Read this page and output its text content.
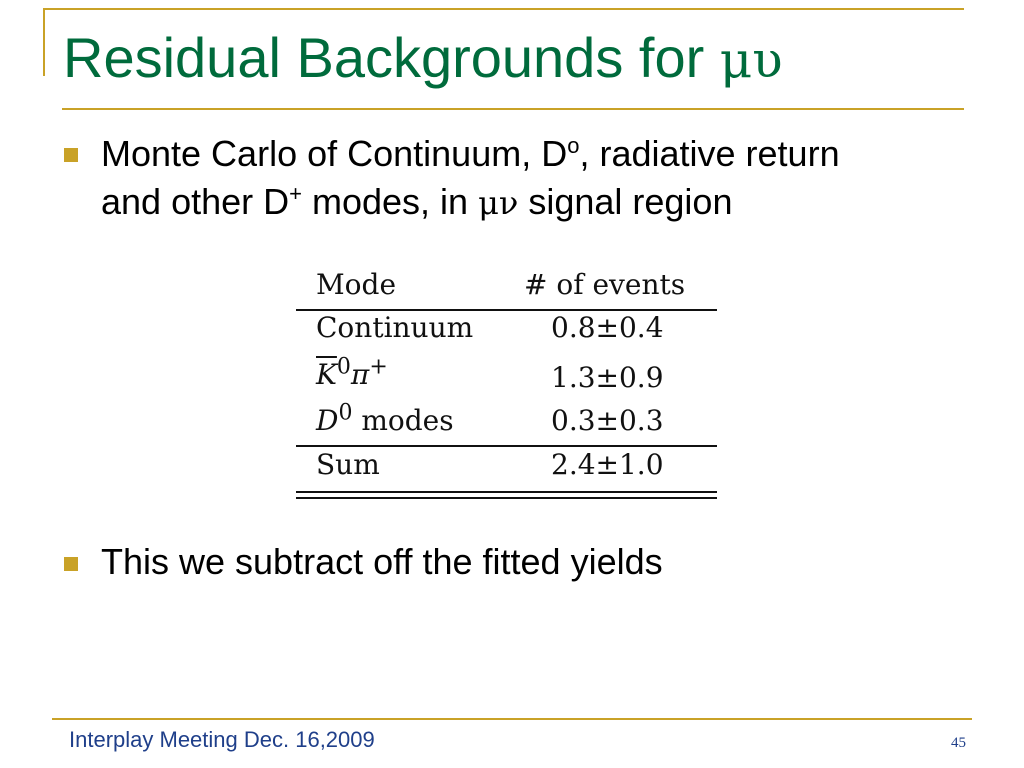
Residual Backgrounds for μυ
Monte Carlo of Continuum, $D^o$, radiative return and other D+ modes, in μν signal region
Mode	# of events
Continuum	0.8±0.4
$\overline{K}^0\pi^+$	1.3±0.9
$D^0$ modes	0.3±0.3
Sum	2.4±1.0
This we subtract off the fitted yields
Interplay Meeting Dec. 16,2009	45
